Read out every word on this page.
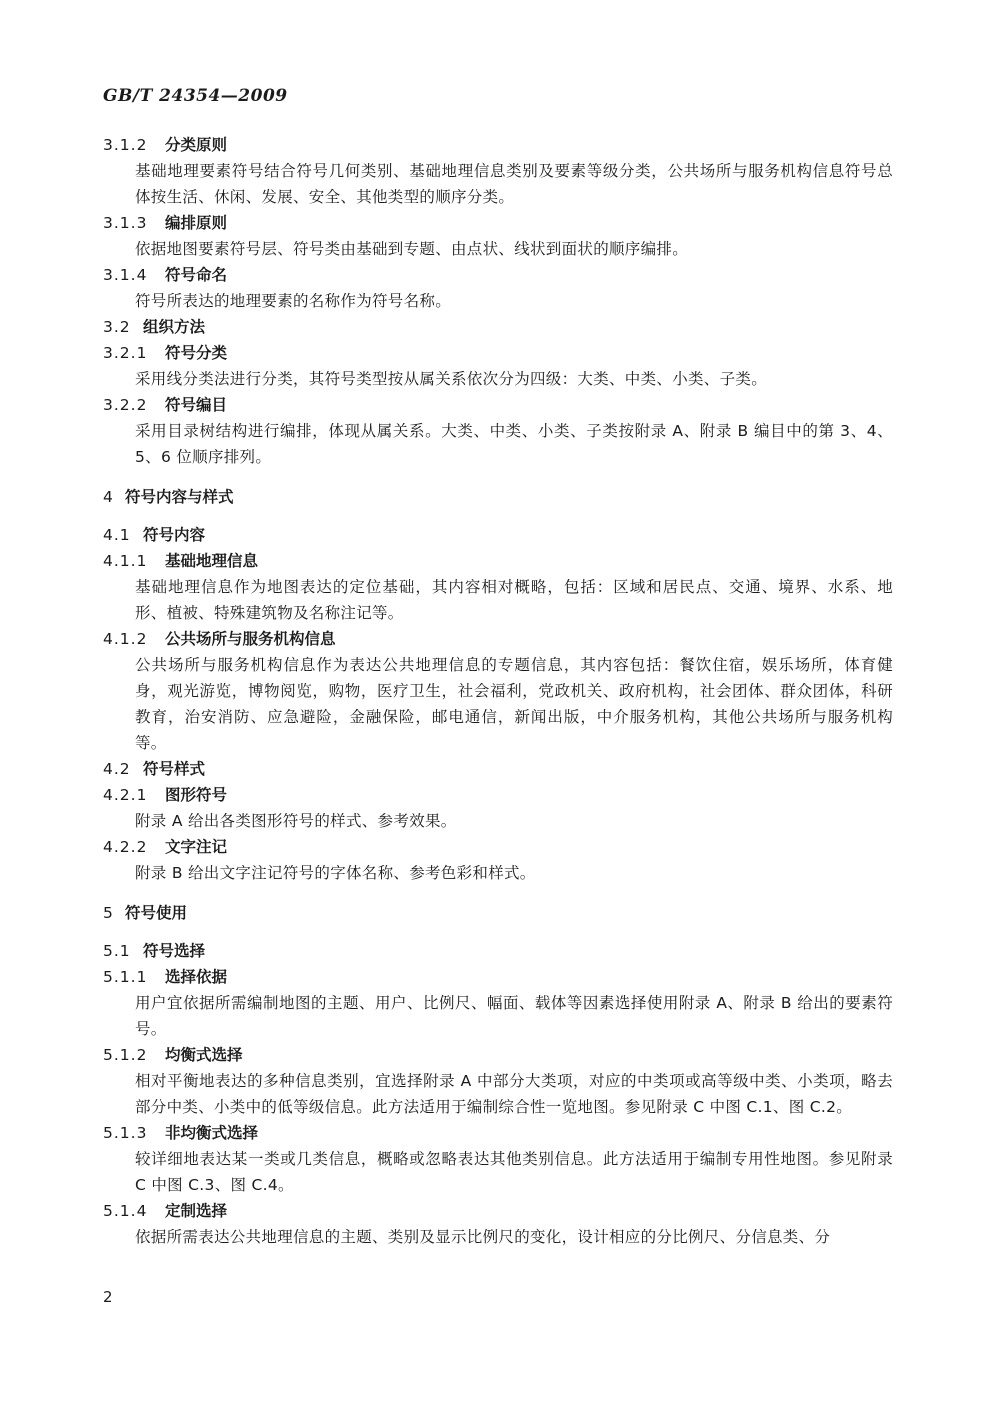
GB/T 24354—2009
3.1.2 分类原则
基础地理要素符号结合符号几何类别、基础地理信息类别及要素等级分类，公共场所与服务机构信息符号总体按生活、休闲、发展、安全、其他类型的顺序分类。
3.1.3 编排原则
依据地图要素符号层、符号类由基础到专题、由点状、线状到面状的顺序编排。
3.1.4 符号命名
符号所表达的地理要素的名称作为符号名称。
3.2 组织方法
3.2.1 符号分类
采用线分类法进行分类，其符号类型按从属关系依次分为四级：大类、中类、小类、子类。
3.2.2 符号编目
采用目录树结构进行编排，体现从属关系。大类、中类、小类、子类按附录 A、附录 B 编目中的第 3、4、5、6 位顺序排列。
4 符号内容与样式
4.1 符号内容
4.1.1 基础地理信息
基础地理信息作为地图表达的定位基础，其内容相对概略，包括：区域和居民点、交通、境界、水系、地形、植被、特殊建筑物及名称注记等。
4.1.2 公共场所与服务机构信息
公共场所与服务机构信息作为表达公共地理信息的专题信息，其内容包括：餐饮住宿，娱乐场所，体育健身，观光游览，博物阅览，购物，医疗卫生，社会福利，党政机关、政府机构，社会团体、群众团体，科研教育，治安消防、应急避险，金融保险，邮电通信，新闻出版，中介服务机构，其他公共场所与服务机构等。
4.2 符号样式
4.2.1 图形符号
附录 A 给出各类图形符号的样式、参考效果。
4.2.2 文字注记
附录 B 给出文字注记符号的字体名称、参考色彩和样式。
5 符号使用
5.1 符号选择
5.1.1 选择依据
用户宜依据所需编制地图的主题、用户、比例尺、幅面、载体等因素选择使用附录 A、附录 B 给出的要素符号。
5.1.2 均衡式选择
相对平衡地表达的多种信息类别，宜选择附录 A 中部分大类项，对应的中类项或高等级中类、小类项，略去部分中类、小类中的低等级信息。此方法适用于编制综合性一览地图。参见附录 C 中图 C.1、图 C.2。
5.1.3 非均衡式选择
较详细地表达某一类或几类信息，概略或忽略表达其他类别信息。此方法适用于编制专用性地图。参见附录 C 中图 C.3、图 C.4。
5.1.4 定制选择
依据所需表达公共地理信息的主题、类别及显示比例尺的变化，设计相应的分比例尺、分信息类、分
2
